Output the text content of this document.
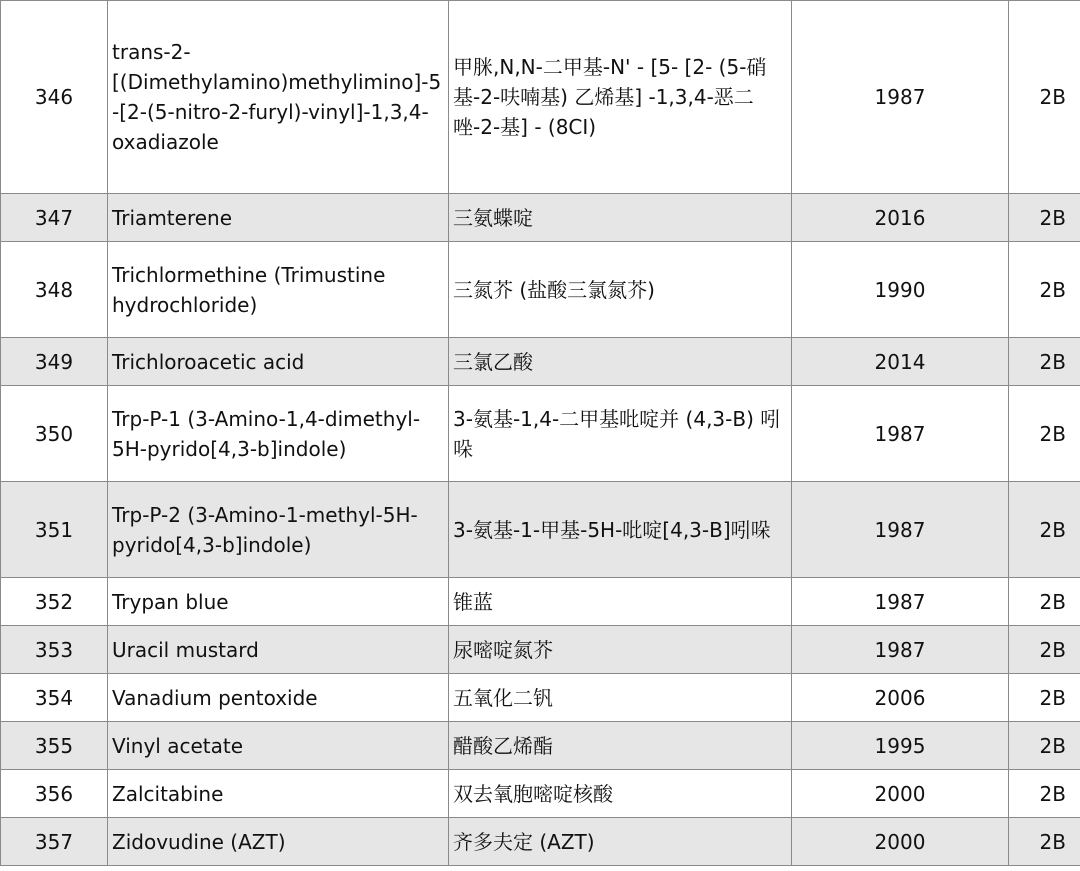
346	trans-2-[(Dimethylamino)methylimino]-5-[2-(5-nitro-2-furyl)-vinyl]-1,3,4-oxadiazole	甲脒,N,N-二甲基-N' - [5- [2- (5-硝基-2-呋喃基) 乙烯基] -1,3,4-恶二唑-2-基] - (8CI)	1987	2B
347	Triamterene	三氨蝶啶	2016	2B
348	Trichlormethine (Trimustine hydrochloride)	三氮芥 (盐酸三氯氮芥)	1990	2B
349	Trichloroacetic acid	三氯乙酸	2014	2B
350	Trp-P-1 (3-Amino-1,4-dimethyl-5H-pyrido[4,3-b]indole)	3-氨基-1,4-二甲基吡啶并 (4,3-B) 吲哚	1987	2B
351	Trp-P-2 (3-Amino-1-methyl-5H-pyrido[4,3-b]indole)	3-氨基-1-甲基-5H-吡啶[4,3-B]吲哚	1987	2B
352	Trypan blue	锥蓝	1987	2B
353	Uracil mustard	尿嘧啶氮芥	1987	2B
354	Vanadium pentoxide	五氧化二钒	2006	2B
355	Vinyl acetate	醋酸乙烯酯	1995	2B
356	Zalcitabine	双去氧胞嘧啶核酸	2000	2B
357	Zidovudine (AZT)	齐多夫定 (AZT)	2000	2B
